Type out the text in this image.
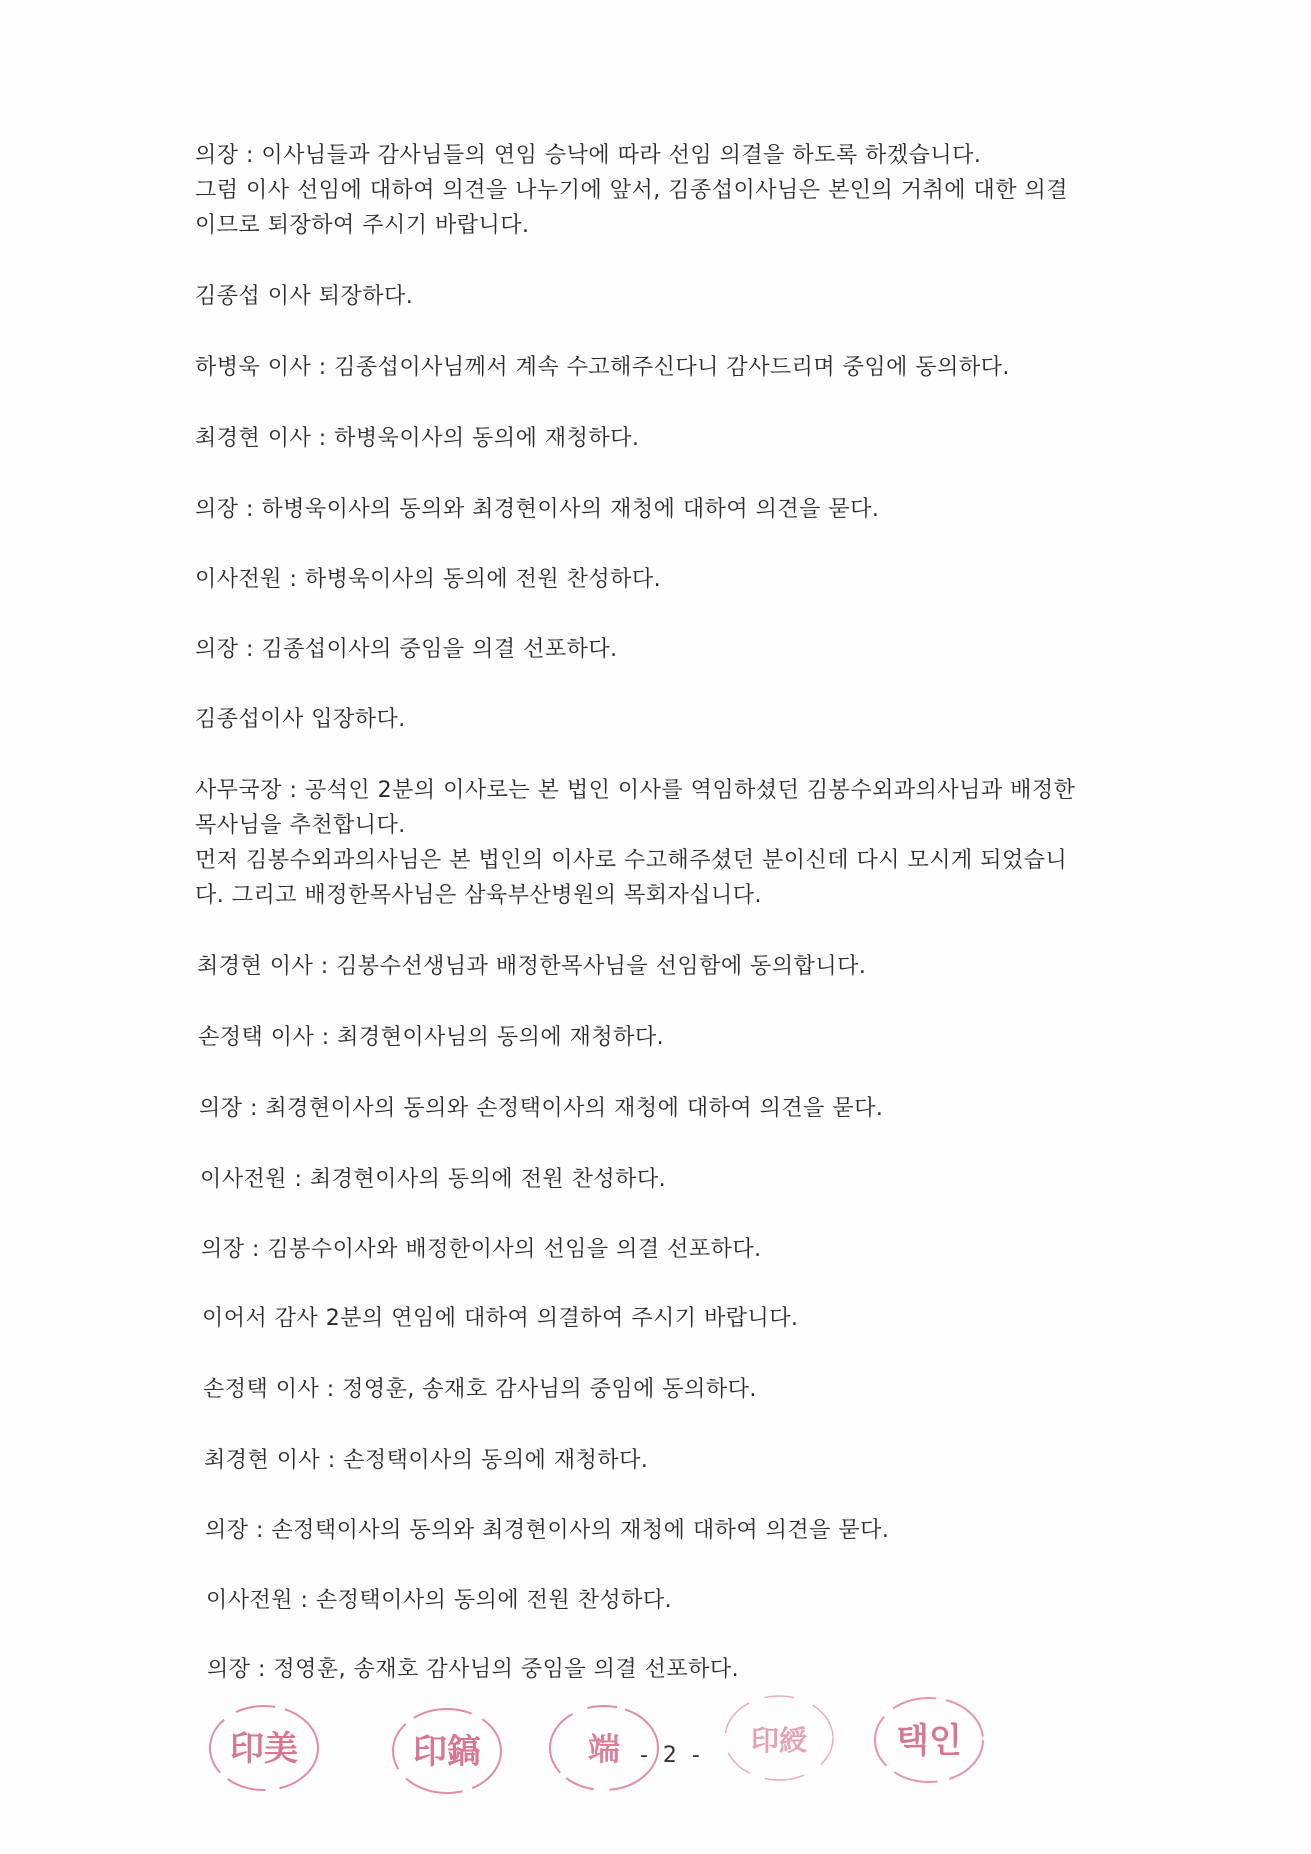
의장 : 이사님들과 감사님들의 연임 승낙에 따라 선임 의결을 하도록 하겠습니다.
그럼 이사 선임에 대하여 의견을 나누기에 앞서, 김종섭이사님은 본인의 거취에 대한 의결
이므로 퇴장하여 주시기 바랍니다.
김종섭 이사 퇴장하다.
하병욱 이사 : 김종섭이사님께서 계속 수고해주신다니 감사드리며 중임에 동의하다.
최경현 이사 : 하병욱이사의 동의에 재청하다.
의장 : 하병욱이사의 동의와 최경현이사의 재청에 대하여 의견을 묻다.
이사전원 : 하병욱이사의 동의에 전원 찬성하다.
의장 : 김종섭이사의 중임을 의결 선포하다.
김종섭이사 입장하다.
사무국장 : 공석인 2분의 이사로는 본 법인 이사를 역임하셨던 김봉수외과의사님과 배정한
목사님을 추천합니다.
먼저 김봉수외과의사님은 본 법인의 이사로 수고해주셨던 분이신데 다시 모시게 되었습니
다. 그리고 배정한목사님은 삼육부산병원의 목회자십니다.
최경현 이사 : 김봉수선생님과 배정한목사님을 선임함에 동의합니다.
손정택 이사 : 최경현이사님의 동의에 재청하다.
의장 : 최경현이사의 동의와 손정택이사의 재청에 대하여 의견을 묻다.
이사전원 : 최경현이사의 동의에 전원 찬성하다.
의장 : 김봉수이사와 배정한이사의 선임을 의결 선포하다.
이어서 감사 2분의 연임에 대하여 의결하여 주시기 바랍니다.
손정택 이사 : 정영훈, 송재호 감사님의 중임에 동의하다.
최경현 이사 : 손정택이사의 동의에 재청하다.
의장 : 손정택이사의 동의와 최경현이사의 재청에 대하여 의견을 묻다.
이사전원 : 손정택이사의 동의에 전원 찬성하다.
의장 : 정영훈, 송재호 감사님의 중임을 의결 선포하다.
印美	印鎬	端	印綬	택인
- 2 -
